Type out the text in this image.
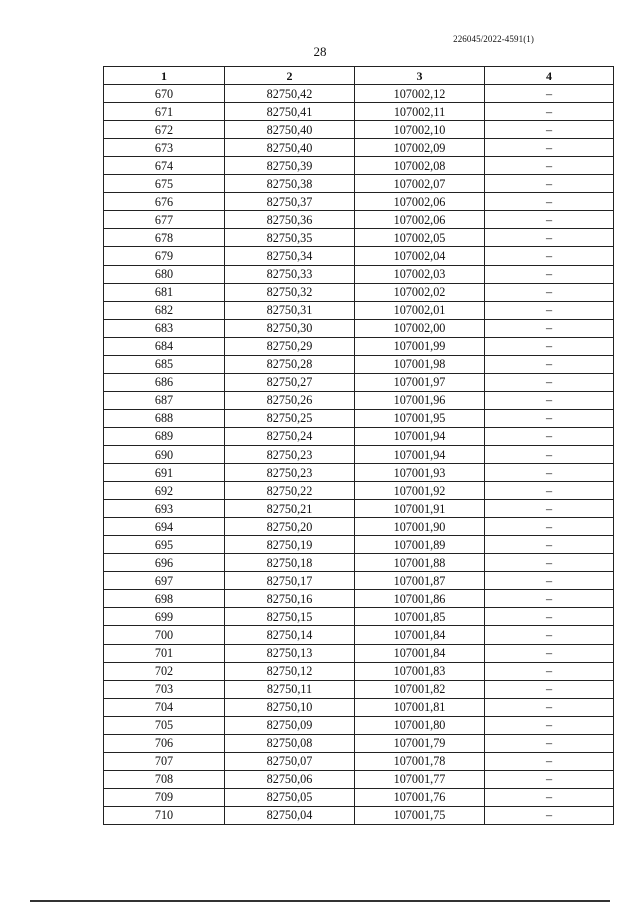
226045/2022-4591(1)
28
1	2	3	4
670	82750,42	107002,12	–
671	82750,41	107002,11	–
672	82750,40	107002,10	–
673	82750,40	107002,09	–
674	82750,39	107002,08	–
675	82750,38	107002,07	–
676	82750,37	107002,06	–
677	82750,36	107002,06	–
678	82750,35	107002,05	–
679	82750,34	107002,04	–
680	82750,33	107002,03	–
681	82750,32	107002,02	–
682	82750,31	107002,01	–
683	82750,30	107002,00	–
684	82750,29	107001,99	–
685	82750,28	107001,98	–
686	82750,27	107001,97	–
687	82750,26	107001,96	–
688	82750,25	107001,95	–
689	82750,24	107001,94	–
690	82750,23	107001,94	–
691	82750,23	107001,93	–
692	82750,22	107001,92	–
693	82750,21	107001,91	–
694	82750,20	107001,90	–
695	82750,19	107001,89	–
696	82750,18	107001,88	–
697	82750,17	107001,87	–
698	82750,16	107001,86	–
699	82750,15	107001,85	–
700	82750,14	107001,84	–
701	82750,13	107001,84	–
702	82750,12	107001,83	–
703	82750,11	107001,82	–
704	82750,10	107001,81	–
705	82750,09	107001,80	–
706	82750,08	107001,79	–
707	82750,07	107001,78	–
708	82750,06	107001,77	–
709	82750,05	107001,76	–
710	82750,04	107001,75	–
